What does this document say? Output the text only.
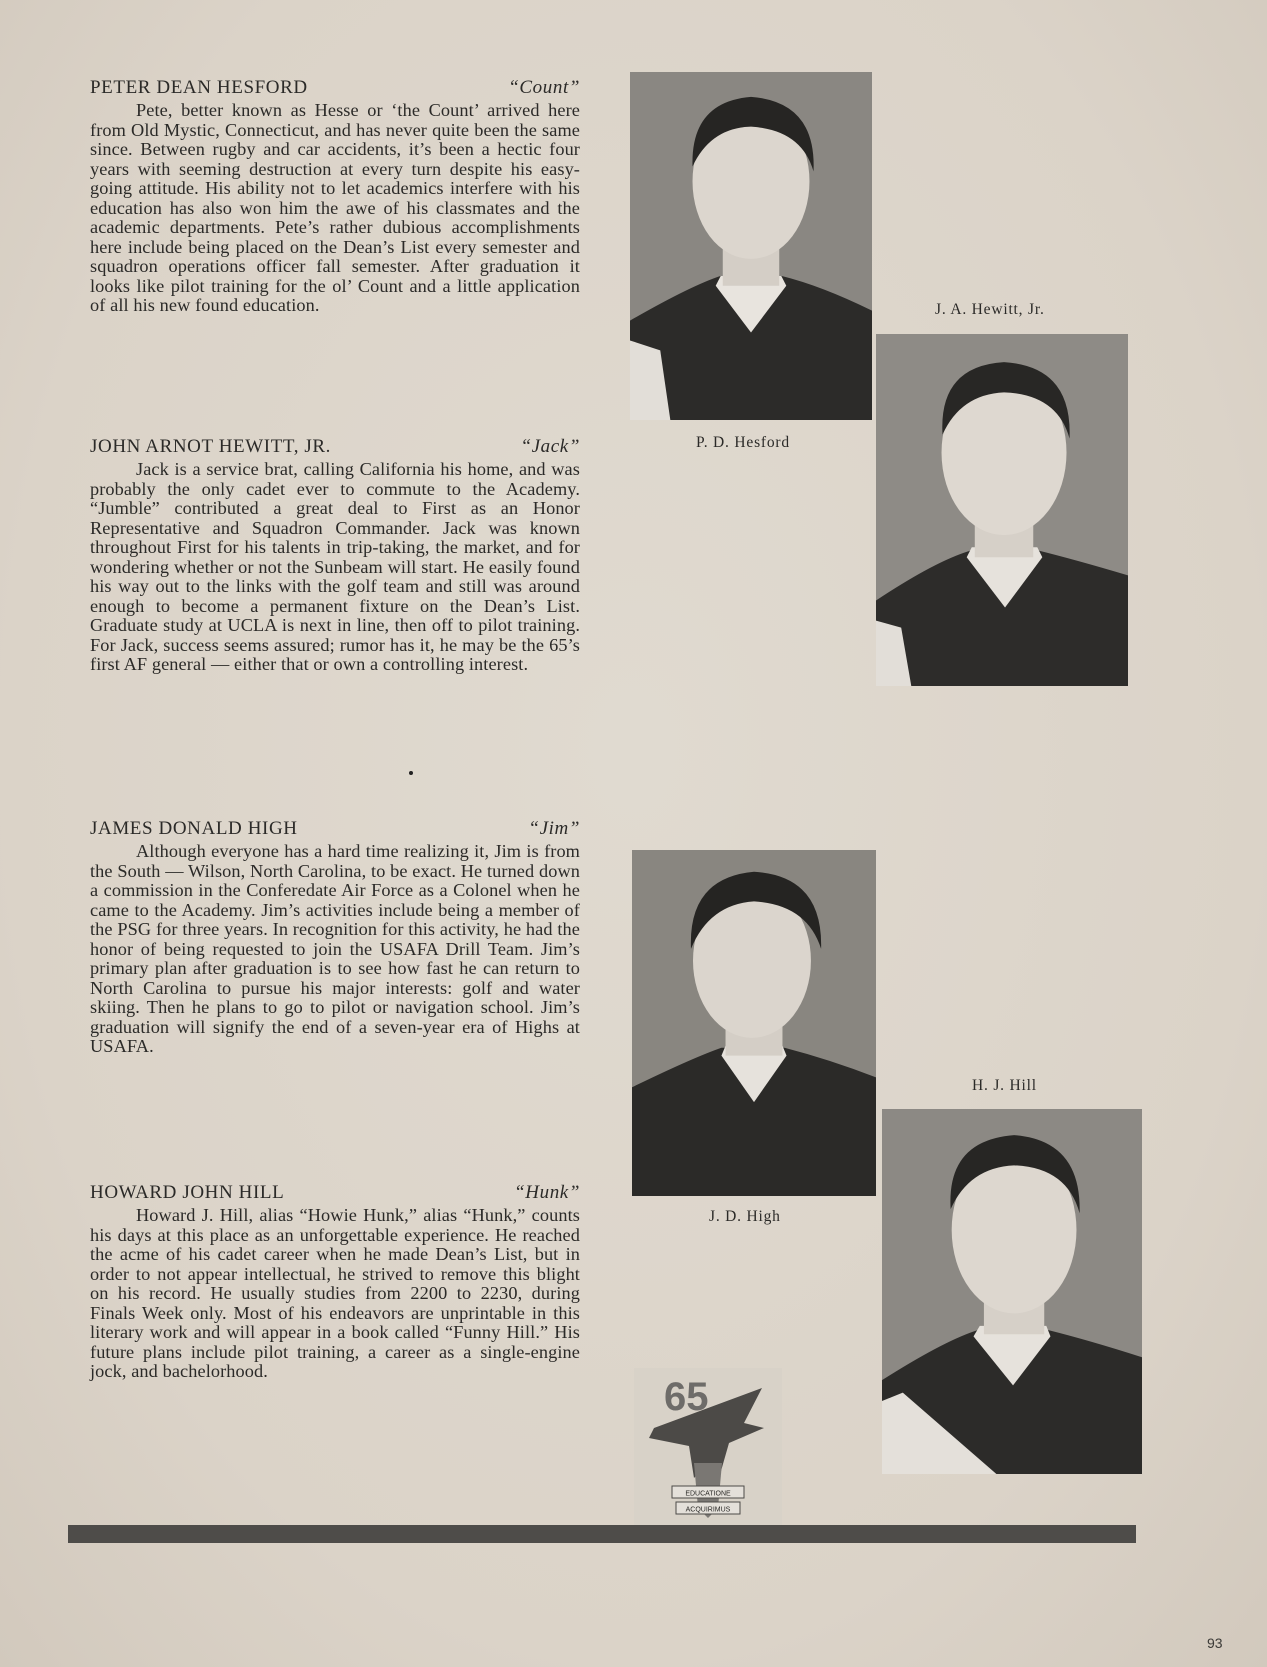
PETER DEAN HESFORD	“Count”

Pete, better known as Hesse or ‘the Count’ arrived here from Old Mystic, Connecticut, and has never quite been the same since. Between rugby and car accidents, it’s been a hectic four years with seeming destruction at every turn despite his easy-going attitude. His ability not to let academics interfere with his education has also won him the awe of his classmates and the academic departments. Pete’s rather dubious accomplishments here include being placed on the Dean’s List every semester and squadron operations officer fall semester. After graduation it looks like pilot training for the ol’ Count and a little application of all his new found education.

JOHN ARNOT HEWITT, JR.	“Jack”

Jack is a service brat, calling California his home, and was probably the only cadet ever to commute to the Academy. “Jumble” contributed a great deal to First as an Honor Representative and Squadron Commander. Jack was known throughout First for his talents in trip-taking, the market, and for wondering whether or not the Sunbeam will start. He easily found his way out to the links with the golf team and still was around enough to become a permanent fixture on the Dean’s List. Graduate study at UCLA is next in line, then off to pilot training. For Jack, success seems assured; rumor has it, he may be the 65’s first AF general — either that or own a controlling interest.

JAMES DONALD HIGH	“Jim”

Although everyone has a hard time realizing it, Jim is from the South — Wilson, North Carolina, to be exact. He turned down a commission in the Conferedate Air Force as a Colonel when he came to the Academy. Jim’s activities include being a member of the PSG for three years. In recognition for this activity, he had the honor of being requested to join the USAFA Drill Team. Jim’s primary plan after graduation is to see how fast he can return to North Carolina to pursue his major interests: golf and water skiing. Then he plans to go to pilot or navigation school. Jim’s graduation will signify the end of a seven-year era of Highs at USAFA.

HOWARD JOHN HILL	“Hunk”

Howard J. Hill, alias “Howie Hunk,” alias “Hunk,” counts his days at this place as an unforgettable experience. He reached the acme of his cadet career when he made Dean’s List, but in order to not appear intellectual, he strived to remove this blight on his record. He usually studies from 2200 to 2230, during Finals Week only. Most of his endeavors are unprintable in this literary work and will appear in a book called “Funny Hill.” His future plans include pilot training, a career as a single-engine jock, and bachelorhood.

P. D. Hesford
J. A. Hewitt, Jr.
J. D. High
H. J. Hill
65
EDUCATIONE
ACQUIRIMUS
93
